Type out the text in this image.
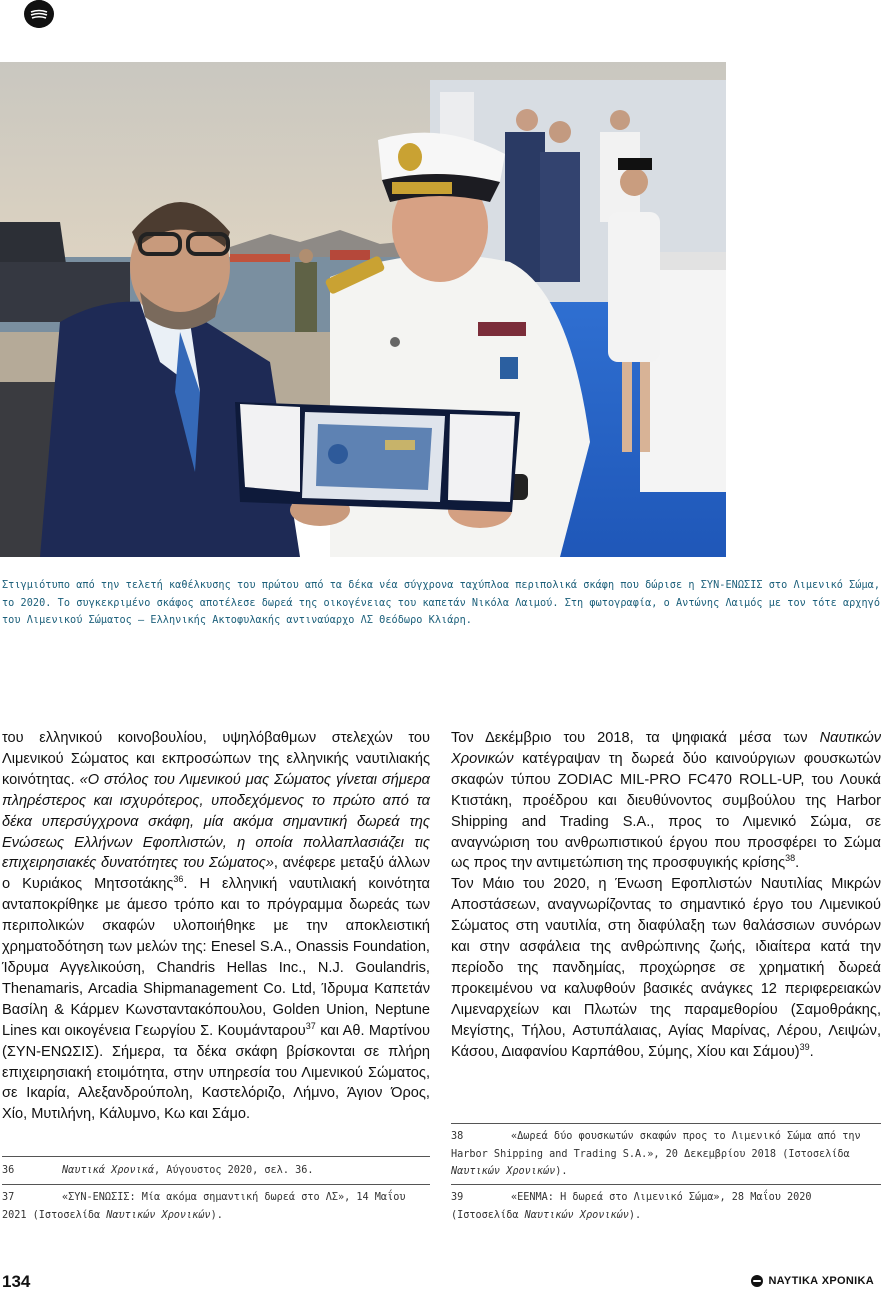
Στιγμιότυπο από την τελετή καθέλκυσης του πρώτου από τα δέκα νέα σύγχρονα ταχύπλοα περιπολικά σκάφη που δώρισε η ΣΥΝ-ΕΝΩΣΙΣ στο Λιμενικό Σώμα, το 2020. Το συγκεκριμένο σκάφος αποτέλεσε δωρεά της οικογένειας του καπετάν Νικόλα Λαιμού. Στη φωτογραφία, ο Αντώνης Λαιμός με τον τότε αρχηγό του Λιμενικού Σώματος – Ελληνικής Ακτοφυλακής αντιναύαρχο ΛΣ Θεόδωρο Κλιάρη.

του ελληνικού κοινοβουλίου, υψηλόβαθμων στελεχών του Λιμενικού Σώματος και εκπροσώπων της ελληνικής ναυτιλιακής κοινότητας. «Ο στόλος του Λιμενικού μας Σώματος γίνεται σήμερα πληρέστερος και ισχυρότερος, υποδεχόμενος το πρώτο από τα δέκα υπερσύγχρονα σκάφη, μία ακόμα σημαντική δωρεά της Ενώσεως Ελλήνων Εφοπλιστών, η οποία πολλαπλασιάζει τις επιχειρησιακές δυνατότητες του Σώματος», ανέφερε μεταξύ άλλων ο Κυριάκος Μητσοτάκης$^{36}$. Η ελληνική ναυτιλιακή κοινότητα ανταποκρίθηκε με άμεσο τρόπο και το πρόγραμμα δωρεάς των περιπολικών σκαφών υλοποιήθηκε με την αποκλειστική χρηματοδότηση των μελών της: Enesel S.A., Onassis Foundation, Ίδρυμα Αγγελικούση, Chandris Hellas Inc., N.J. Goulandris, Thenamaris, Arcadia Shipmanagement Co. Ltd, Ίδρυμα Καπετάν Βασίλη & Κάρμεν Κωνσταντακόπουλου, Golden Union, Neptune Lines και οικογένεια Γεωργίου Σ. Κουμάνταρου$^{37}$ και Αθ. Μαρτίνου (ΣΥΝ-ΕΝΩΣΙΣ). Σήμερα, τα δέκα σκάφη βρίσκονται σε πλήρη επιχειρησιακή ετοιμότητα, στην υπηρεσία του Λιμενικού Σώματος, σε Ικαρία, Αλεξανδρούπολη, Καστελόριζο, Λήμνο, Άγιον Όρος, Χίο, Μυτιλήνη, Κάλυμνο, Κω και Σάμο.

Τον Δεκέμβριο του 2018, τα ψηφιακά μέσα των Ναυτικών Χρονικών κατέγραψαν τη δωρεά δύο καινούργιων φουσκωτών σκαφών τύπου ZODIAC MIL-PRO FC470 ROLL-UP, του Λουκά Κτιστάκη, προέδρου και διευθύνοντος συμβούλου της Harbor Shipping and Trading S.A., προς το Λιμενικό Σώμα, σε αναγνώριση του ανθρωπιστικού έργου που προσφέρει το Σώμα ως προς την αντιμετώπιση της προσφυγικής κρίσης$^{38}$.

Τον Μάιο του 2020, η Ένωση Εφοπλιστών Ναυτιλίας Μικρών Αποστάσεων, αναγνωρίζοντας το σημαντικό έργο του Λιμενικού Σώματος στη ναυτιλία, στη διαφύλαξη των θαλάσσιων συνόρων και στην ασφάλεια της ανθρώπινης ζωής, ιδιαίτερα κατά την περίοδο της πανδημίας, προχώρησε σε χρηματική δωρεά προκειμένου να καλυφθούν βασικές ανάγκες 12 περιφερειακών Λιμεναρχείων και Πλωτών της παραμεθορίου (Σαμοθράκης, Μεγίστης, Τήλου, Αστυπάλαιας, Αγίας Μαρίνας, Λέρου, Λειψών, Κάσου, Διαφανίου Καρπάθου, Σύμης, Χίου και Σάμου)$^{39}$.

36	Ναυτικά Χρονικά, Αύγουστος 2020, σελ. 36.
37	«ΣΥΝ-ΕΝΩΣΙΣ: Μία ακόμα σημαντική δωρεά στο ΛΣ», 14 Μαΐου 2021 (Ιστοσελίδα Ναυτικών Χρονικών).
38	«Δωρεά δύο φουσκωτών σκαφών προς το Λιμενικό Σώμα από την Harbor Shipping and Trading S.A.», 20 Δεκεμβρίου 2018 (Ιστοσελίδα Ναυτικών Χρονικών).
39	«ΕΕΝΜΑ: Η δωρεά στο Λιμενικό Σώμα», 28 Μαΐου 2020 (Ιστοσελίδα Ναυτικών Χρονικών).
134	ΝΑΥΤΙΚΑ ΧΡΟΝΙΚΑ
